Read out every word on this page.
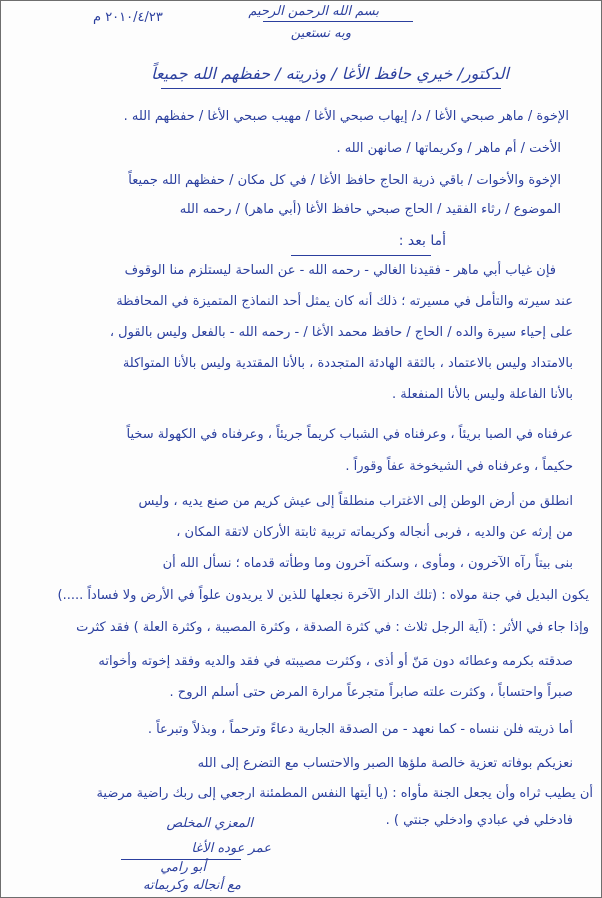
بسم الله الرحمن الرحيم
وبه نستعين
٢٠١٠/٤/٢٣ م
الدكتور/ خيري حافظ الأغا / وذريته / حفظهم الله جميعاً
الإخوة / ماهر صبحي الأغا / د/ إيهاب صبحي الأغا / مهيب صبحي الأغا / حفظهم الله .
الأخت / أم ماهر / وكريماتها / صانهن الله .
الإخوة والأخوات / باقي ذرية الحاج حافظ الأغا / في كل مكان / حفظهم الله جميعاً
الموضوع / رثاء الفقيد / الحاج صبحي حافظ الأغا (أبي ماهر) / رحمه الله
أما بعد :
فإن غياب أبي ماهر - فقيدنا الغالي - رحمه الله - عن الساحة ليستلزم منا الوقوف
عند سيرته والتأمل في مسيرته ؛ ذلك أنه كان يمثل أحد النماذج المتميزة في المحافظة
على إحياء سيرة والده / الحاج / حافظ محمد الأغا / - رحمه الله - بالفعل وليس بالقول ،
بالامتداد وليس بالاعتماد ، بالثقة الهادئة المتجددة ، بالأنا المقتدية وليس بالأنا المتواكلة
بالأنا الفاعلة وليس بالأنا المنفعلة .
عرفناه في الصبا بريئاً ، وعرفناه في الشباب كريماً جريئاً ، وعرفناه في الكهولة سخياً
حكيماً ، وعرفناه في الشيخوخة عفاً وقوراً .
انطلق من أرض الوطن إلى الاغتراب منطلقاً إلى عيش كريم من صنع يديه ، وليس
من إرثه عن والديه ، فربى أنجاله وكريماته تربية ثابتة الأركان لاتقة المكان ،
بنى بيتاً رآه الآخرون ، ومأوى ، وسكنه آخرون وما وطأته قدماه ؛ نسأل الله أن
يكون البديل في جنة مولاه : (تلك الدار الآخرة نجعلها للذين لا يريدون علواً في الأرض ولا فساداً .....)
وإذا جاء في الأثر : (آية الرجل ثلاث : في كثرة الصدقة ، وكثرة المصيبة ، وكثرة العلة ) فقد كثرت
صدقته بكرمه وعطائه دون مَنّ أو أذى ، وكثرت مصيبته في فقد والديه وفقد إخوته وأخواته
صبراً واحتساباً ، وكثرت علته صابراً متجرعاً مرارة المرض حتى أسلم الروح .
أما ذريته فلن ننساه - كما نعهد - من الصدقة الجارية دعاءً وترحماً ، وبذلاً وتبرعاً .
نعزيكم بوفاته تعزية خالصة ملؤها الصبر والاحتساب مع التضرع إلى الله
أن يطيب ثراه وأن يجعل الجنة مأواه : (يا أيتها النفس المطمئنة ارجعي إلى ربك راضية مرضية
فادخلي في عبادي وادخلي جنتي ) .
المعزي المخلص
عمر عوده الأغا
أبو رامي
مع أنجاله وكريماته
